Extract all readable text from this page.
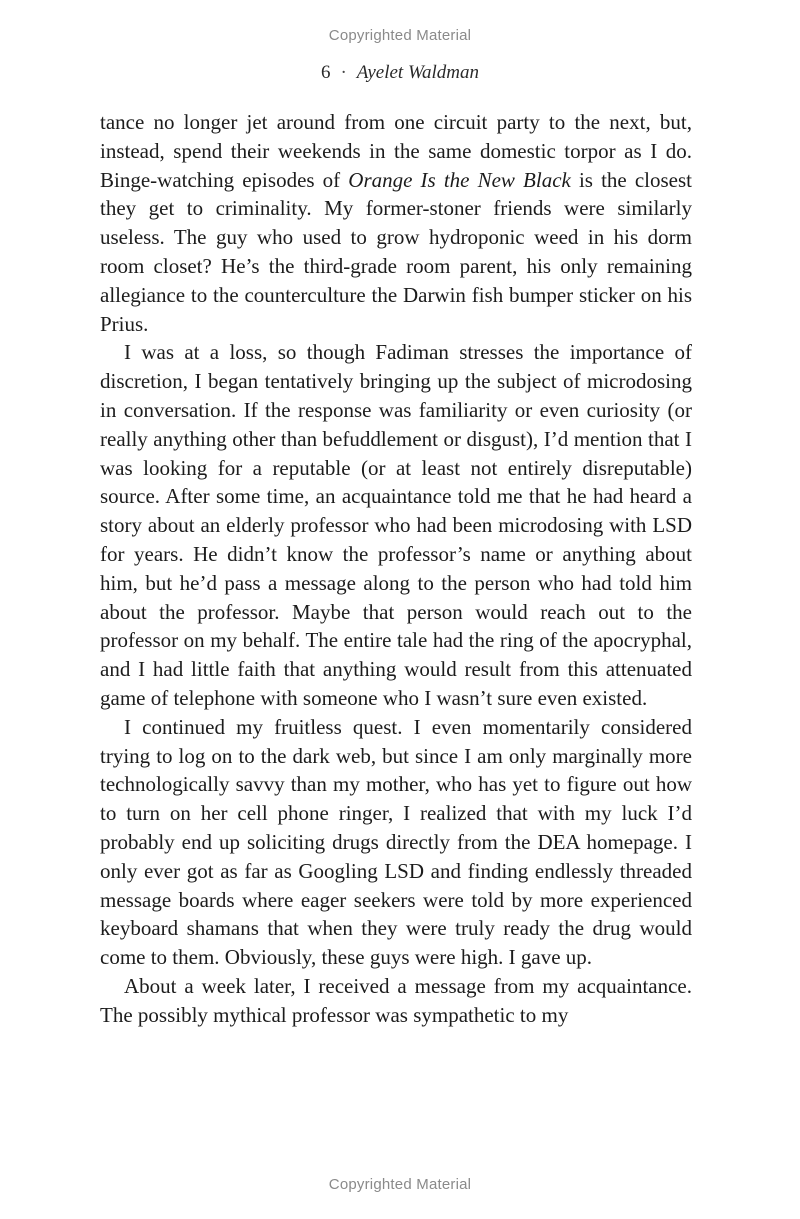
Copyrighted Material
6 · Ayelet Waldman

tance no longer jet around from one circuit party to the next, but, instead, spend their weekends in the same domestic torpor as I do. Binge-watching episodes of Orange Is the New Black is the closest they get to criminality. My former-stoner friends were similarly useless. The guy who used to grow hydroponic weed in his dorm room closet? He’s the third-grade room parent, his only remaining allegiance to the counterculture the Darwin fish bumper sticker on his Prius.

I was at a loss, so though Fadiman stresses the importance of discretion, I began tentatively bringing up the subject of microdosing in conversation. If the response was familiarity or even curiosity (or really anything other than befuddlement or disgust), I’d mention that I was looking for a reputable (or at least not entirely disreputable) source. After some time, an acquaintance told me that he had heard a story about an elderly professor who had been microdosing with LSD for years. He didn’t know the professor’s name or anything about him, but he’d pass a message along to the person who had told him about the professor. Maybe that person would reach out to the professor on my behalf. The entire tale had the ring of the apocryphal, and I had little faith that anything would result from this attenuated game of telephone with someone who I wasn’t sure even existed.

I continued my fruitless quest. I even momentarily considered trying to log on to the dark web, but since I am only marginally more technologically savvy than my mother, who has yet to figure out how to turn on her cell phone ringer, I realized that with my luck I’d probably end up soliciting drugs directly from the DEA homepage. I only ever got as far as Googling LSD and finding endlessly threaded message boards where eager seekers were told by more experienced keyboard shamans that when they were truly ready the drug would come to them. Obviously, these guys were high. I gave up.

About a week later, I received a message from my acquaintance. The possibly mythical professor was sympathetic to my

Copyrighted Material
